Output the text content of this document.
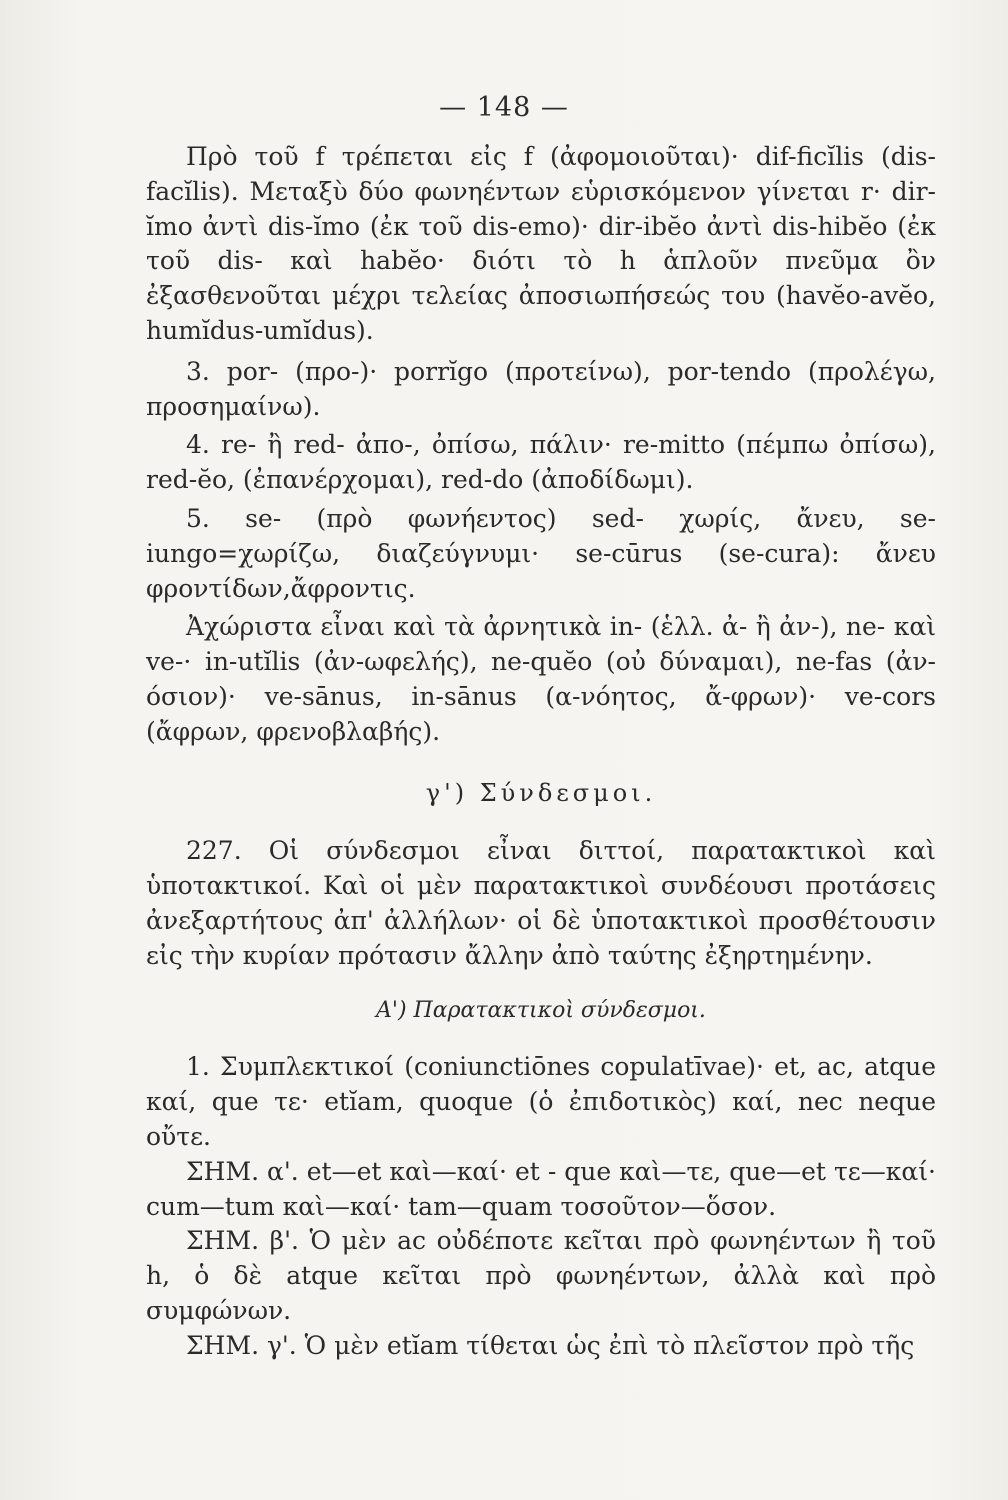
— 148 —

Πρὸ τοῦ f τρέπεται εἰς f (ἀφομοιοῦται)· dif-ficĭlis (dis-facĭlis). Μεταξὺ δύο φωνηέντων εὑρισκόμενον γίνεται r· dir-ĭmo ἀντὶ dis-ĭmo (ἐκ τοῦ dis-emo)· dir-ibĕo ἀντὶ dis-hibĕo (ἐκ τοῦ dis- καὶ habĕo· διότι τὸ h ἁπλοῦν πνεῦμα ὂν ἐξασθενοῦται μέχρι τελείας ἀποσιωπήσεώς του (havĕo-avĕo, humĭdus-umĭdus).

3. por- (προ-)· porrĭgo (προτείνω), por-tendo (προλέγω, προσημαίνω).

4. re- ἢ red- ἀπο-, ὀπίσω, πάλιν· re-mitto (πέμπω ὀπίσω), red-ĕo, (ἐπανέρχομαι), red-do (ἀποδίδωμι).

5. se- (πρὸ φωνήεντος) sed- χωρίς, ἄνευ, se-iungo=χωρίζω, διαζεύγνυμι· se-cūrus (se-cura): ἄνευ φροντίδων,ἄφροντις.

Ἀχώριστα εἶναι καὶ τὰ ἀρνητικὰ in- (ἑλλ. ἀ- ἢ ἀν-), ne- καὶ ve-· in-utĭlis (ἀν-ωφελής), ne-quĕo (οὐ δύναμαι), ne-fas (ἀν-όσιον)· ve-sānus, in-sānus (α-νόητος, ἄ-φρων)· ve-cors (ἄφρων, φρενοβλαβής).

γ') Σύνδεσμοι.

227. Οἱ σύνδεσμοι εἶναι διττοί, παρατακτικοὶ καὶ ὑποτακτικοί. Καὶ οἱ μὲν παρατακτικοὶ συνδέουσι προτάσεις ἀνεξαρτήτους ἀπ' ἀλλήλων· οἱ δὲ ὑποτακτικοὶ προσθέτουσιν εἰς τὴν κυρίαν πρότασιν ἄλλην ἀπὸ ταύτης ἐξηρτημένην.

Α') Παρατακτικοὶ σύνδεσμοι.

1. Συμπλεκτικοί (coniunctiōnes copulatīvae)· et, ac, atque καί, que τε· etĭam, quoque (ὁ ἐπιδοτικὸς) καί, nec neque οὔτε.

ΣΗΜ. α'. et—et καὶ—καί· et - que καὶ—τε, que—et τε—καί· cum—tum καὶ—καί· tam—quam τοσοῦτον—ὅσον.

ΣΗΜ. β'. Ὁ μὲν ac οὐδέποτε κεῖται πρὸ φωνηέντων ἢ τοῦ h, ὁ δὲ atque κεῖται πρὸ φωνηέντων, ἀλλὰ καὶ πρὸ συμφώνων.

ΣΗΜ. γ'. Ὁ μὲν etĭam τίθεται ὡς ἐπὶ τὸ πλεῖστον πρὸ τῆς
